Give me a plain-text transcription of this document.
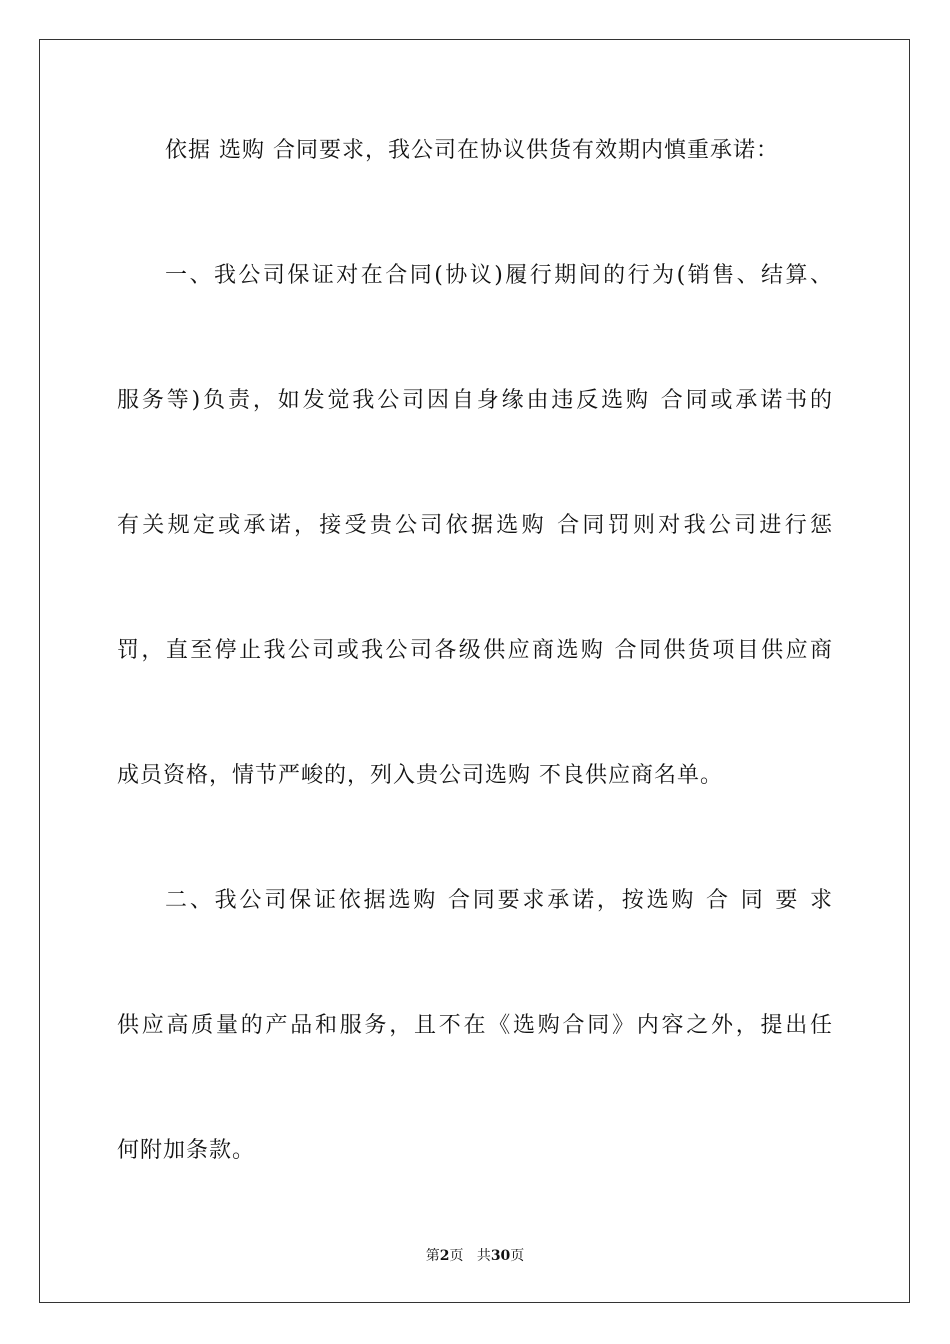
依据 选购 合同要求，我公司在协议供货有效期内慎重承诺：
一、我公司保证对在合同(协议)履行期间的行为(销售、结算、
服务等)负责，如发觉我公司因自身缘由违反选购 合同或承诺书的
有关规定或承诺，接受贵公司依据选购 合同罚则对我公司进行惩
罚，直至停止我公司或我公司各级供应商选购 合同供货项目供应商
成员资格，情节严峻的，列入贵公司选购 不良供应商名单。
二、我公司保证依据选购 合同要求承诺，按选购 合 同 要 求
供应高质量的产品和服务，且不在《选购合同》内容之外，提出任
何附加条款。
第2页 共30页
